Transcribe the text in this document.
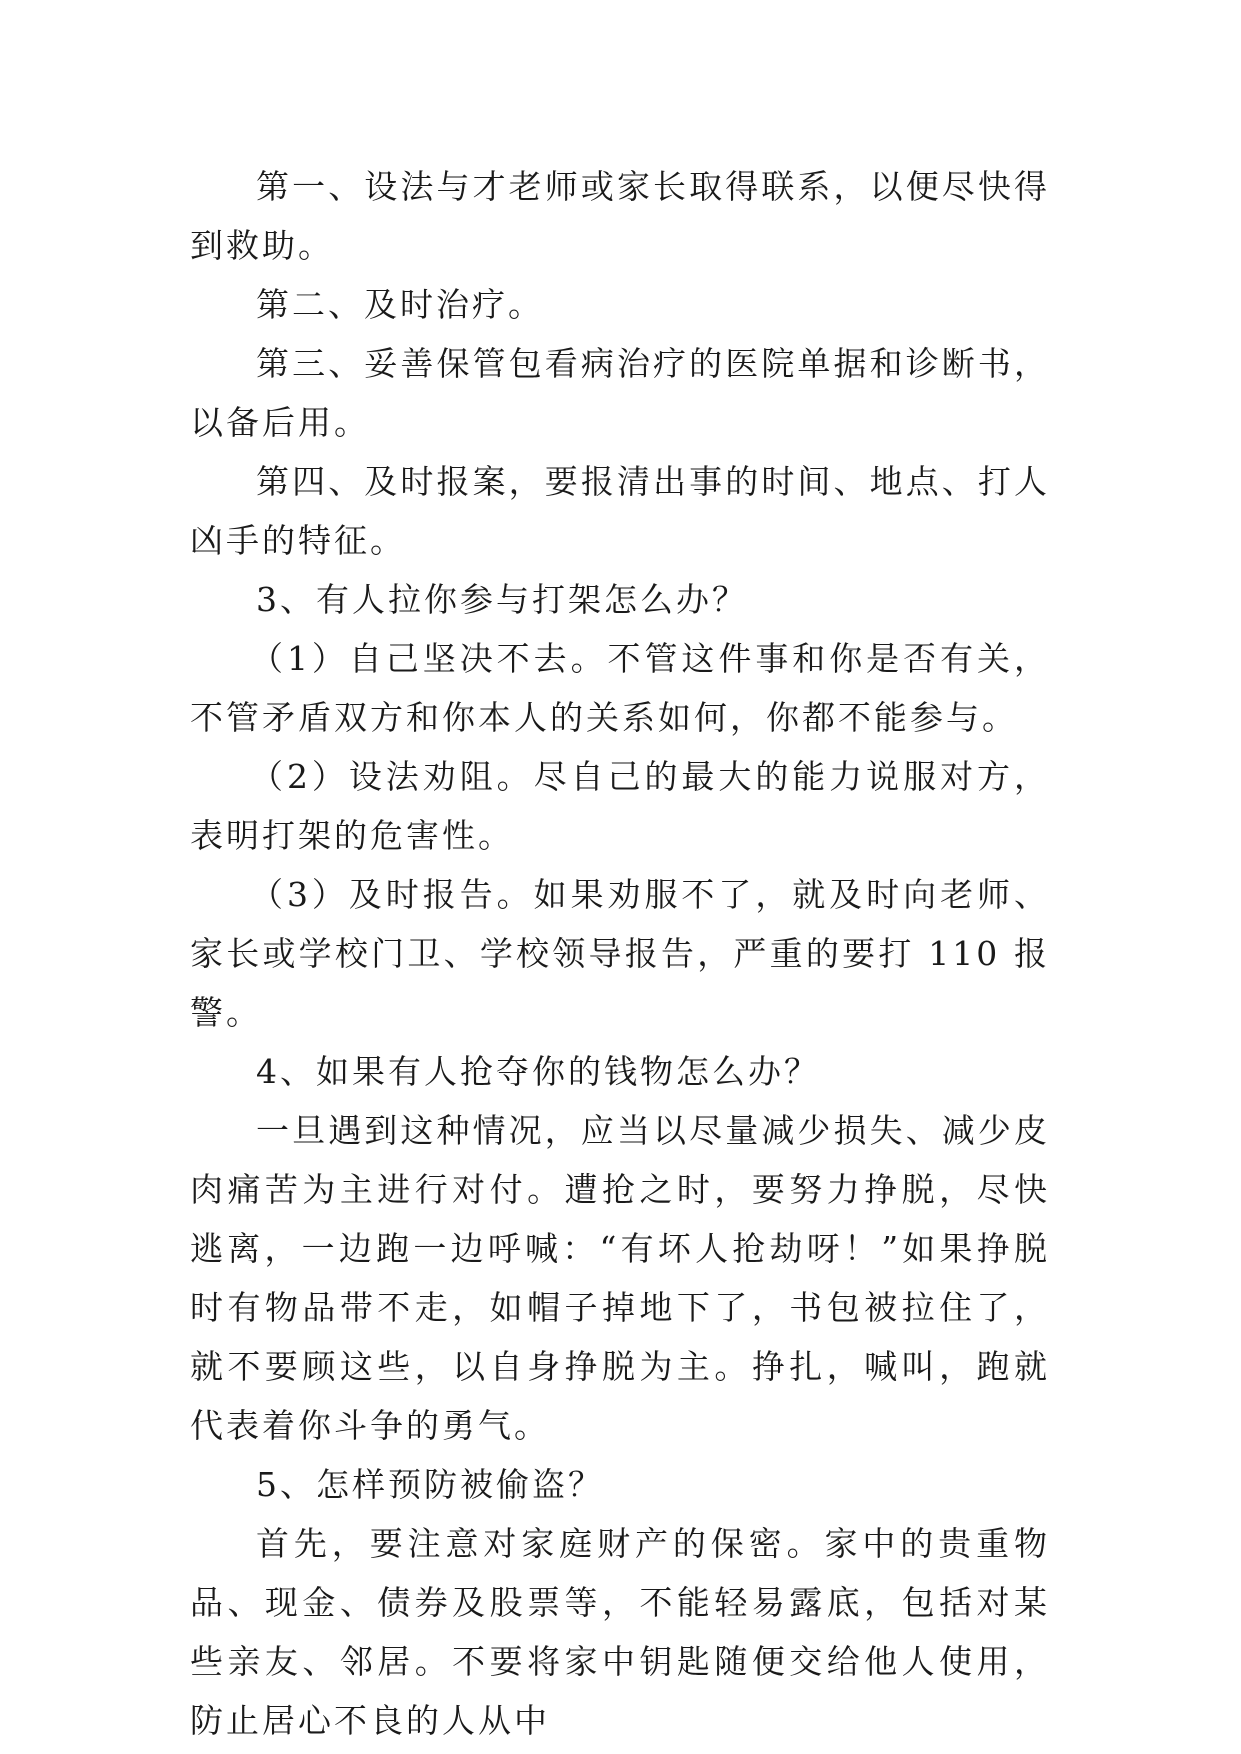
第一、设法与才老师或家长取得联系，以便尽快得到救助。

第二、及时治疗。

第三、妥善保管包看病治疗的医院单据和诊断书，以备后用。

第四、及时报案，要报清出事的时间、地点、打人凶手的特征。

3、有人拉你参与打架怎么办？

（1）自己坚决不去。不管这件事和你是否有关，不管矛盾双方和你本人的关系如何，你都不能参与。

（2）设法劝阻。尽自己的最大的能力说服对方，表明打架的危害性。

（3）及时报告。如果劝服不了，就及时向老师、家长或学校门卫、学校领导报告，严重的要打 110 报警。

4、如果有人抢夺你的钱物怎么办？

一旦遇到这种情况，应当以尽量减少损失、减少皮肉痛苦为主进行对付。遭抢之时，要努力挣脱，尽快逃离，一边跑一边呼喊：“有坏人抢劫呀！”如果挣脱时有物品带不走，如帽子掉地下了，书包被拉住了，就不要顾这些，以自身挣脱为主。挣扎，喊叫，跑就代表着你斗争的勇气。

5、怎样预防被偷盗？

首先，要注意对家庭财产的保密。家中的贵重物品、现金、债券及股票等，不能轻易露底，包括对某些亲友、邻居。不要将家中钥匙随便交给他人使用，防止居心不良的人从中
